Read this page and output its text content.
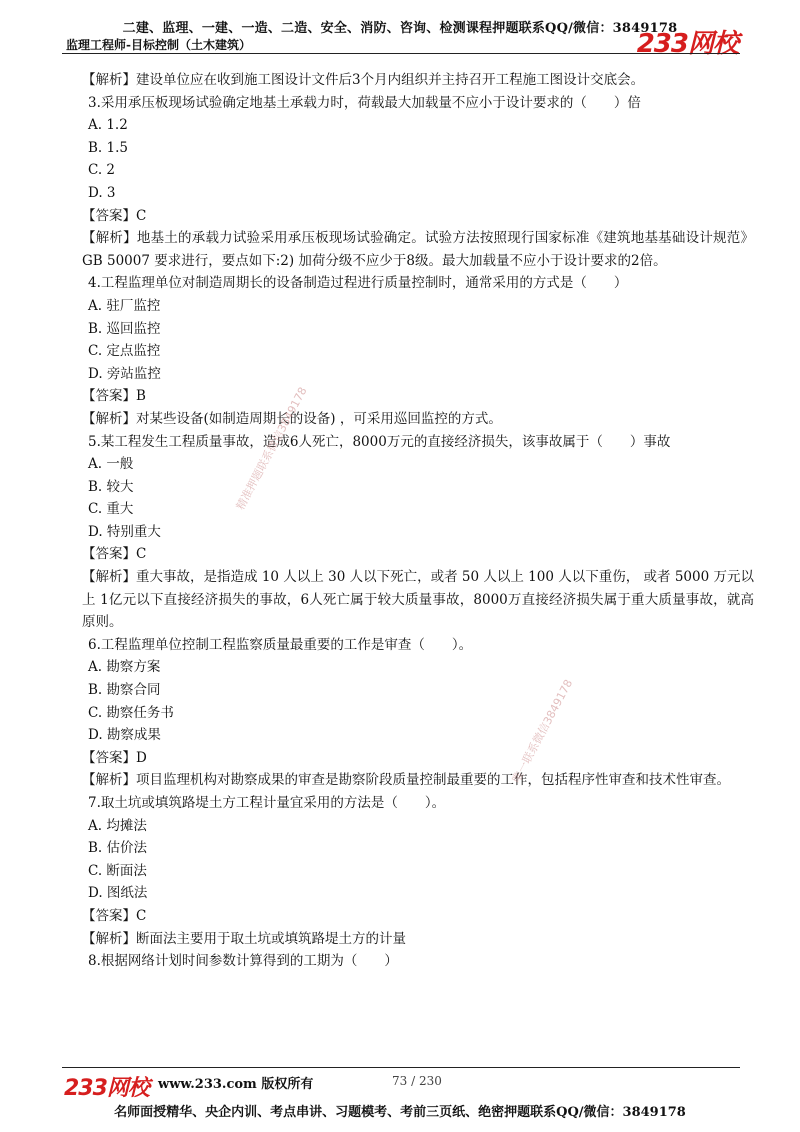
二建、监理、一建、一造、二造、安全、消防、咨询、检测课程押题联系QQ/微信：3849178
监理工程师-目标控制（土木建筑）	233网校
【解析】建设单位应在收到施工图设计文件后3个月内组织并主持召开工程施工图设计交底会。
3.采用承压板现场试验确定地基土承载力时，荷载最大加载量不应小于设计要求的（　　）倍
A. 1.2
B. 1.5
C. 2
D. 3
【答案】C
【解析】地基土的承载力试验采用承压板现场试验确定。试验方法按照现行国家标准《建筑地基基础设计规范》GB 50007 要求进行，要点如下:2) 加荷分级不应少于8级。最大加载量不应小于设计要求的2倍。
4.工程监理单位对制造周期长的设备制造过程进行质量控制时，通常采用的方式是（　　）
A. 驻厂监控
B. 巡回监控
C. 定点监控
D. 旁站监控
【答案】B
【解析】对某些设备(如制造周期长的设备) ，可采用巡回监控的方式。
5.某工程发生工程质量事故，造成6人死亡，8000万元的直接经济损失，该事故属于（　　）事故
A. 一般
B. 较大
C. 重大
D. 特别重大
【答案】C
【解析】重大事故，是指造成 10 人以上 30 人以下死亡，或者 50 人以上 100 人以下重伤， 或者 5000 万元以上 1亿元以下直接经济损失的事故，6人死亡属于较大质量事故，8000万直接经济损失属于重大质量事故，就高原则。
6.工程监理单位控制工程监察质量最重要的工作是审查（　　）。
A. 勘察方案
B. 勘察合同
C. 勘察任务书
D. 勘察成果
【答案】D
【解析】项目监理机构对勘察成果的审查是勘察阶段质量控制最重要的工作，包括程序性审查和技术性审查。
7.取土坑或填筑路堤土方工程计量宜采用的方法是（　　）。
A. 均摊法
B. 估价法
C. 断面法
D. 图纸法
【答案】C
【解析】断面法主要用于取土坑或填筑路堤土方的计量
8.根据网络计划时间参数计算得到的工期为（　　）
精准押题联系微信3849178
唯一联系微信3849178
233网校 www.233.com 版权所有	73 / 230
名师面授精华、央企内训、考点串讲、习题模考、考前三页纸、绝密押题联系QQ/微信：3849178
